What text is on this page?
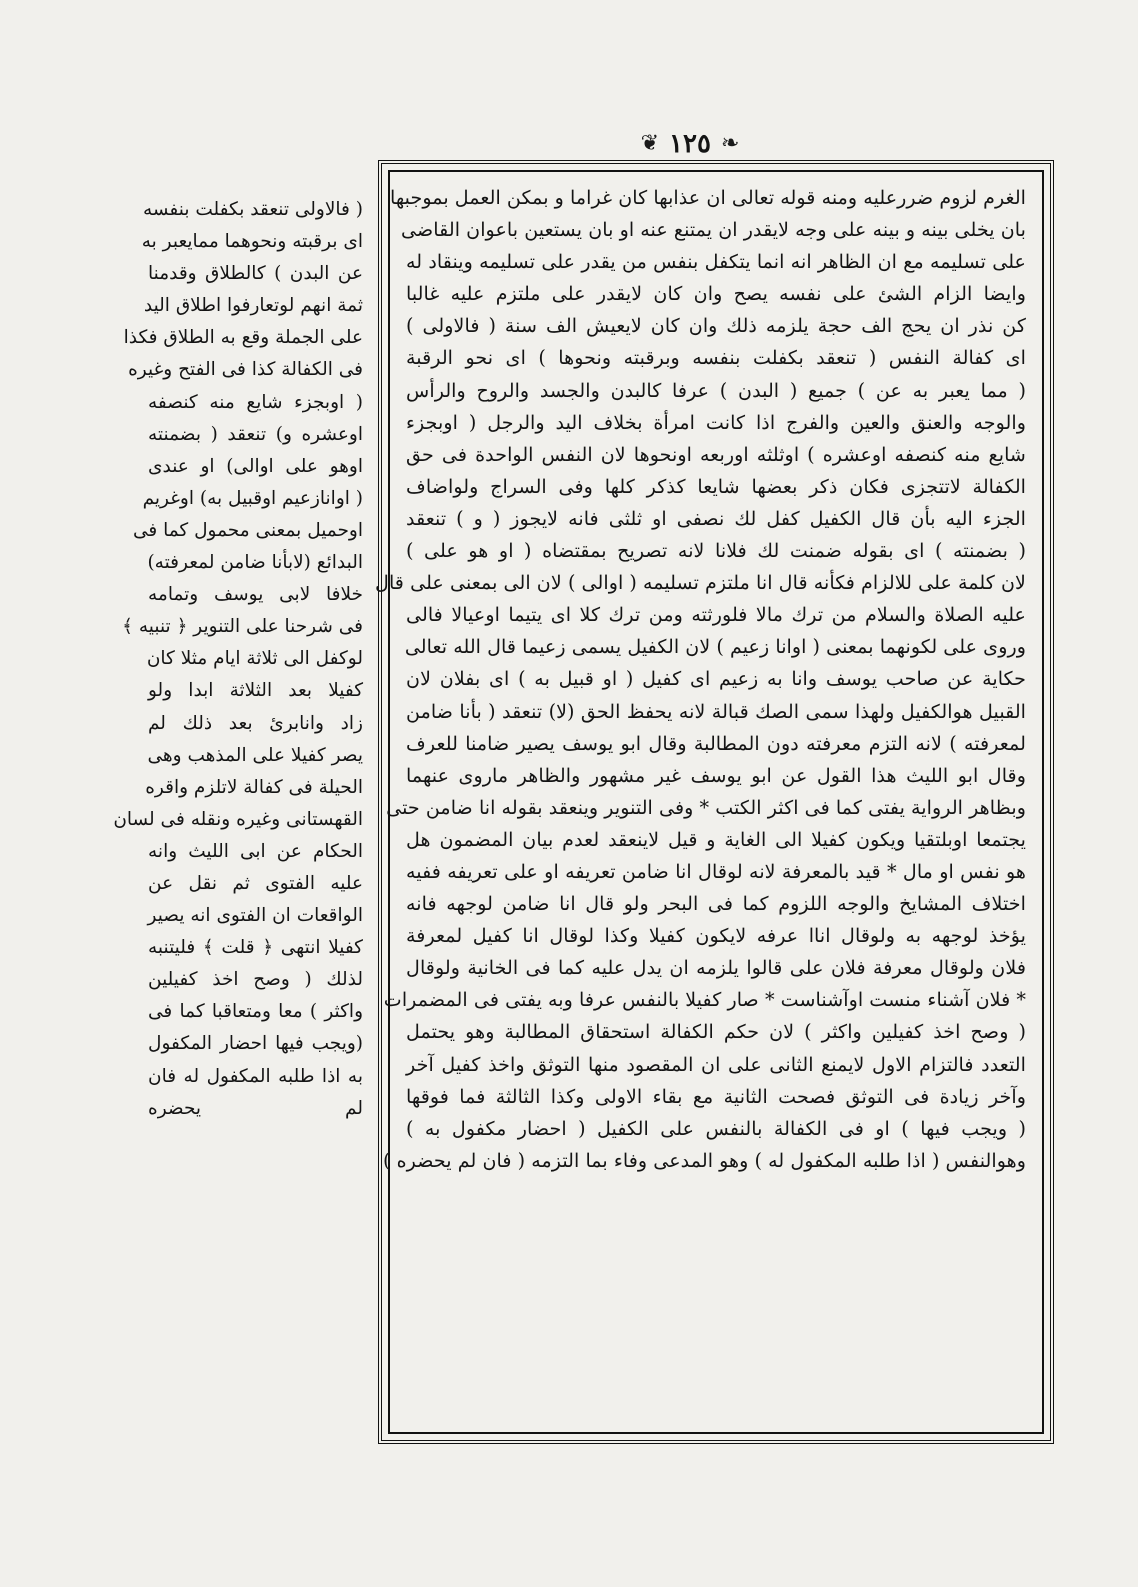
❦ ١٢٥ ❧
الغرم لزوم ضررعليه ومنه قوله تعالى ان عذابها كان غراما و بمكن العمل بموجبها
بان يخلى بينه و بينه على وجه لايقدر ان يمتنع عنه او بان يستعين باعوان القاضى
على تسليمه مع ان الظاهر انه انما يتكفل بنفس من يقدر على تسليمه وينقاد له
وايضا الزام الشئ على نفسه يصح وان كان لايقدر على ملتزم عليه غالبا
كن نذر ان يحج الف حجة يلزمه ذلك وان كان لايعيش الف سنة ( فالاولى )
اى كفالة النفس ( تنعقد بكفلت بنفسه وبرقبته ونحوها ) اى نحو الرقبة
( مما يعبر به عن ) جميع ( البدن ) عرفا كالبدن والجسد والروح والرأس
والوجه والعنق والعين والفرج اذا كانت امرأة بخلاف اليد والرجل ( اوبجزء
شايع منه كنصفه اوعشره ) اوثلثه اوربعه اونحوها لان النفس الواحدة فى حق
الكفالة لاتتجزى فكان ذكر بعضها شايعا كذكر كلها وفى السراج ولواضاف
الجزء اليه بأن قال الكفيل كفل لك نصفى او ثلثى فانه لايجوز ( و ) تنعقد
( بضمنته ) اى بقوله ضمنت لك فلانا لانه تصريح بمقتضاه ( او هو على )
لان كلمة على للالزام فكأنه قال انا ملتزم تسليمه ( اوالى ) لان الى بمعنى على قال
عليه الصلاة والسلام من ترك مالا فلورثته ومن ترك كلا اى يتيما اوعيالا فالى
وروى على لكونهما بمعنى ( اوانا زعيم ) لان الكفيل يسمى زعيما قال الله تعالى
حكاية عن صاحب يوسف وانا به زعيم اى كفيل ( او قبيل به ) اى بفلان لان
القبيل هوالكفيل ولهذا سمى الصك قبالة لانه يحفظ الحق (لا) تنعقد ( بأنا ضامن
لمعرفته ) لانه التزم معرفته دون المطالبة وقال ابو يوسف يصير ضامنا للعرف
وقال ابو الليث هذا القول عن ابو يوسف غير مشهور والظاهر ماروى عنهما
وبظاهر الرواية يفتى كما فى اكثر الكتب * وفى التنوير وينعقد بقوله انا ضامن حتى
يجتمعا اوبلتقيا ويكون كفيلا الى الغاية و قيل لاينعقد لعدم بيان المضمون هل
هو نفس او مال * قيد بالمعرفة لانه لوقال انا ضامن تعريفه او على تعريفه ففيه
اختلاف المشايخ والوجه اللزوم كما فى البحر ولو قال انا ضامن لوجهه فانه
يؤخذ لوجهه به ولوقال اناا عرفه لايكون كفيلا وكذا لوقال انا كفيل لمعرفة
فلان ولوقال معرفة فلان على قالوا يلزمه ان يدل عليه كما فى الخانية ولوقال
* فلان آشناء منست اوآشناست * صار كفيلا بالنفس عرفا وبه يفتى فى المضمرات
( وصح اخذ كفيلين واكثر ) لان حكم الكفالة استحقاق المطالبة وهو يحتمل
التعدد فالتزام الاول لايمنع الثانى على ان المقصود منها التوثق واخذ كفيل آخر
وآخر زيادة فى التوثق فصحت الثانية مع بقاء الاولى وكذا الثالثة فما فوقها
( ويجب فيها ) او فى الكفالة بالنفس على الكفيل ( احضار مكفول به )
وهوالنفس ( اذا طلبه المكفول له ) وهو المدعى وفاء بما التزمه ( فان لم يحضره )
( فالاولى تنعقد بكفلت بنفسه
اى برقبته ونحوهما ممايعبر به
عن البدن ) كالطلاق وقدمنا
ثمة انهم لوتعارفوا اطلاق اليد
على الجملة وقع به الطلاق فكذا
فى الكفالة كذا فى الفتح وغيره
( اوبجزء شايع منه كنصفه
اوعشره و) تنعقد ( بضمنته
اوهو على اوالى) او عندى
( اوانازعيم اوقبيل به) اوغريم
اوحميل بمعنى محمول كما فى
البدائع (لابأنا ضامن لمعرفته)
خلافا لابى يوسف وتمامه
فى شرحنا على التنوير ﴿ تنبيه ﴾
لوكفل الى ثلاثة ايام مثلا كان
كفيلا بعد الثلاثة ابدا ولو
زاد وانابرئ بعد ذلك لم
يصر كفيلا على المذهب وهى
الحيلة فى كفالة لاتلزم واقره
القهستانى وغيره ونقله فى لسان
الحكام عن ابى الليث وانه
عليه الفتوى ثم نقل عن
الواقعات ان الفتوى انه يصير
كفيلا انتهى ﴿ قلت ﴾ فليتنبه
لذلك ( وصح اخذ كفيلين
واكثر ) معا ومتعاقبا كما فى
(ويجب فيها احضار المكفول
به اذا طلبه المكفول له فان
لم يحضره
